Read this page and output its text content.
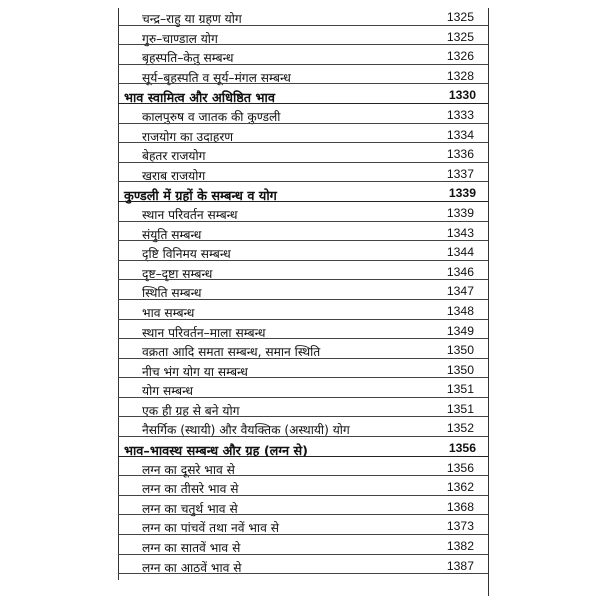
चन्द्र–राहु या ग्रहण योग	1325
गुरु–चाण्डाल योग	1325
बृहस्पति–केतु सम्बन्ध	1326
सूर्य–बृहस्पति व सूर्य–मंगल सम्बन्ध	1328
भाव स्वामित्व और अधिष्ठित भाव	1330
कालपुरुष व जातक की कुण्डली	1333
राजयोग का उदाहरण	1334
बेहतर राजयोग	1336
खराब राजयोग	1337
कुण्डली में ग्रहों के सम्बन्ध व योग	1339
स्थान परिवर्तन सम्बन्ध	1339
संयुति सम्बन्ध	1343
दृष्टि विनिमय सम्बन्ध	1344
दृष्ट–दृष्टा सम्बन्ध	1346
स्थिति सम्बन्ध	1347
भाव सम्बन्ध	1348
स्थान परिवर्तन–माला सम्बन्ध	1349
वक्रता आदि समता सम्बन्ध, समान स्थिति	1350
नीच भंग योग या सम्बन्ध	1350
योग सम्बन्ध	1351
एक ही ग्रह से बने योग	1351
नैसर्गिक (स्थायी) और वैयक्तिक (अस्थायी) योग	1352
भाव–भावस्थ सम्बन्ध और ग्रह (लग्न से)	1356
लग्न का दूसरे भाव से	1356
लग्न का तीसरे भाव से	1362
लग्न का चतुर्थ भाव से	1368
लग्न का पांचवें तथा नवें भाव से	1373
लग्न का सातवें भाव से	1382
लग्न का आठवें भाव से	1387
